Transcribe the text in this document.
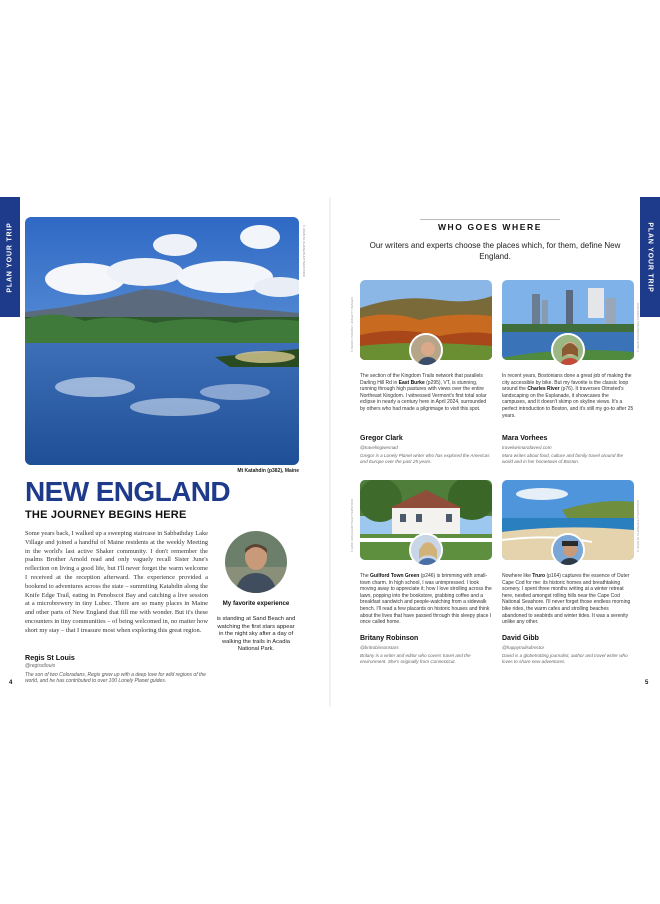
PLAN YOUR TRIP	PLAN YOUR TRIP
© JOHN M. CHASE/SHUTTERSTOCK
Mt Katahdin (p382), Maine
NEW ENGLAND
THE JOURNEY BEGINS HERE
Some years back, I walked up a sweeping staircase in Sabbathday Lake Village and joined a handful of Maine residents at the weekly Meeting in the world's last active Shaker community. I don't remember the psalms Brother Arnold read and only vaguely recall Sister June's reflection on living a good life, but I'll never forget the warm welcome I received at the reception afterward. The experience provided a bookend to adventures across the state – summiting Katahdin along the Knife Edge Trail, eating in Penobscot Bay and catching a live session at a microbrewery in tiny Lubec. There are so many places in Maine and other parts of New England that fill me with wonder. But it's these encounters in tiny communities – of being welcomed in, no matter how short my stay – that I treasure most when exploring this great region.
Regis St Louis
@regisstlouis
The son of two Coloradans, Regis grew up with a deep love for wild regions of the world, and he has contributed to over 100 Lonely Planet guides.
My favorite experience
is standing at Sand Beach and watching the first stars appear in the night sky after a day of walking the trails in Acadia National Park.
4
WHO GOES WHERE
Our writers and experts choose the places which, for them, define New England.
© DENIS TANGNEY JR/GETTY IMAGES
The section of the Kingdom Trails network that parallels Darling Hill Rd in East Burke (p295), VT, is stunning, running through high pastures with views over the entire Northeast Kingdom. I witnessed Vermont's first total solar eclipse in nearly a century here in April 2024, surrounded by others who had made a pilgrimage to visit this spot.
Gregor Clark
@travelingwesnad
Gregor is a Lonely Planet writer who has explored the Americas and Europe over the past 25 years.
In recent years, Bostonians done a great job of making the city accessible by bike. But my favorite is the classic loop around the Charles River (p76). It traverses Olmsted's landscaping on the Esplanade, it showcases the campuses, and it doesn't skimp on skyline views. It's a perfect introduction to Boston, and it's still my go-to after 25 years.
Mara Vorhees
travelwrimarafavesl.com
Mara writes about food, culture and family travel around the world and in her hometown of Boston.
© ERIC URQUHART/SHUTTERSTOCK
The Guilford Town Green (p246) is brimming with small-town charm. In high school, I was unimpressed. I took moving away to appreciate it; how I love strolling across the lawn, popping into the bookstore, grabbing coffee and a breakfast sandwich and people-watching from a sidewalk bench. I'll read a few placards on historic houses and think about the lives that have passed through this sleepy place I once called home.
Britany Robinson
@britrobinsonstars
Britany is a writer and editor who covers travel and the environment. She's originally from Connecticut.
Nowhere like Truro (p164) captures the essence of Outer Cape Cod for me: its historic homes and breathtaking scenery. I spent three months writing at a winter retreat here, nestled amongst rolling hills near the Cape Cod National Seashore. I'll never forget those endless morning bike rides, the warm cafes and strolling beaches abandoned to seabirds and winter tides. It was a serenity unlike any other.
David Gibb
@happytrailsdirector
David is a globetrotting journalist, author and travel writer who loves to share new adventures.
© JOHN M. CHASE/SHUTTERSTOCK
© SEAN PAVONE/SHUTTERSTOCK
5
